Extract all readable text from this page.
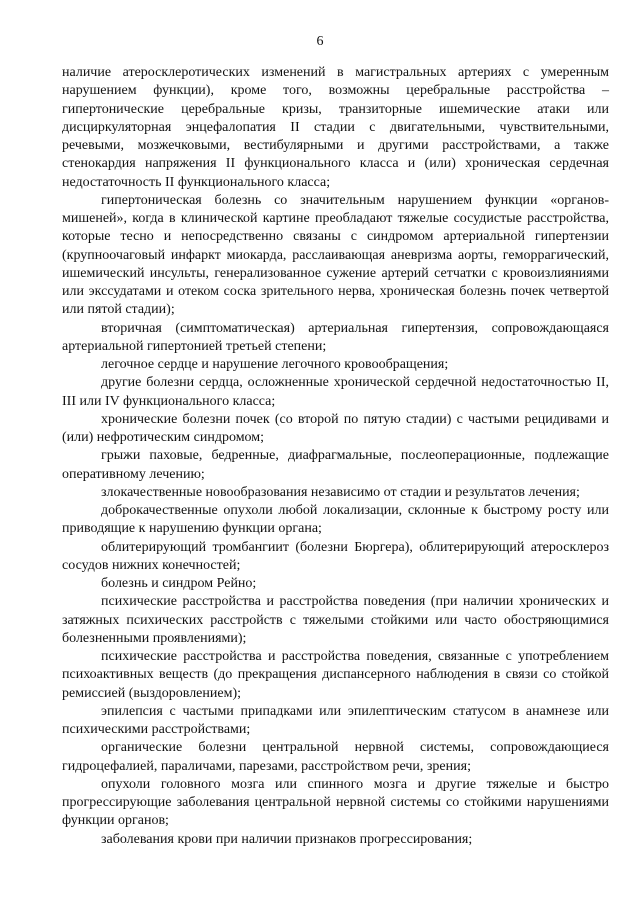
6

наличие атеросклеротических изменений в магистральных артериях с умеренным нарушением функции), кроме того, возможны церебральные расстройства – гипертонические церебральные кризы, транзиторные ишемические атаки или дисциркуляторная энцефалопатия II стадии с двигательными, чувствительными, речевыми, мозжечковыми, вестибулярными и другими расстройствами, а также стенокардия напряжения II функционального класса и (или) хроническая сердечная недостаточность II функционального класса;

гипертоническая болезнь со значительным нарушением функции «органов-мишеней», когда в клинической картине преобладают тяжелые сосудистые расстройства, которые тесно и непосредственно связаны с синдромом артериальной гипертензии (крупноочаговый инфаркт миокарда, расслаивающая аневризма аорты, геморрагический, ишемический инсульты, генерализованное сужение артерий сетчатки с кровоизлияниями или экссудатами и отеком соска зрительного нерва, хроническая болезнь почек четвертой или пятой стадии);

вторичная (симптоматическая) артериальная гипертензия, сопровождающаяся артериальной гипертонией третьей степени;

легочное сердце и нарушение легочного кровообращения;

другие болезни сердца, осложненные хронической сердечной недостаточностью II, III или IV функционального класса;

хронические болезни почек (со второй по пятую стадии) с частыми рецидивами и (или) нефротическим синдромом;

грыжи паховые, бедренные, диафрагмальные, послеоперационные, подлежащие оперативному лечению;

злокачественные новообразования независимо от стадии и результатов лечения;

доброкачественные опухоли любой локализации, склонные к быстрому росту или приводящие к нарушению функции органа;

облитерирующий тромбангиит (болезни Бюргера), облитерирующий атеросклероз сосудов нижних конечностей;

болезнь и синдром Рейно;

психические расстройства и расстройства поведения (при наличии хронических и затяжных психических расстройств с тяжелыми стойкими или часто обостряющимися болезненными проявлениями);

психические расстройства и расстройства поведения, связанные с употреблением психоактивных веществ (до прекращения диспансерного наблюдения в связи со стойкой ремиссией (выздоровлением);

эпилепсия с частыми припадками или эпилептическим статусом в анамнезе или психическими расстройствами;

органические болезни центральной нервной системы, сопровождающиеся гидроцефалией, параличами, парезами, расстройством речи, зрения;

опухоли головного мозга или спинного мозга и другие тяжелые и быстро прогрессирующие заболевания центральной нервной системы со стойкими нарушениями функции органов;

заболевания крови при наличии признаков прогрессирования;
